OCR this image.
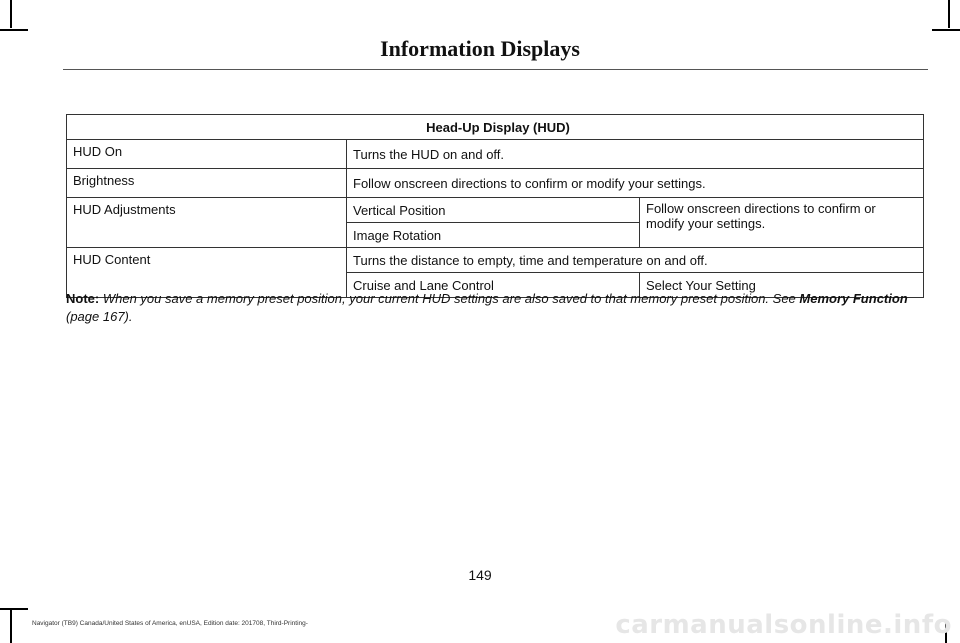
Information Displays
Head-Up Display (HUD)		
HUD On	Turns the HUD on and off.	
Brightness	Follow onscreen directions to confirm or modify your settings.	
HUD Adjustments	Vertical Position	Follow onscreen directions to confirm or modify your settings.
	Image Rotation	
HUD Content	Turns the distance to empty, time and temperature on and off.	
	Cruise and Lane Control	Select Your Setting
Note: When you save a memory preset position, your current HUD settings are also saved to that memory preset position. See Memory Function (page 167).
149
Navigator (TB9) Canada/United States of America, enUSA, Edition date: 201708, Third-Printing-	carmanualsonline.info
